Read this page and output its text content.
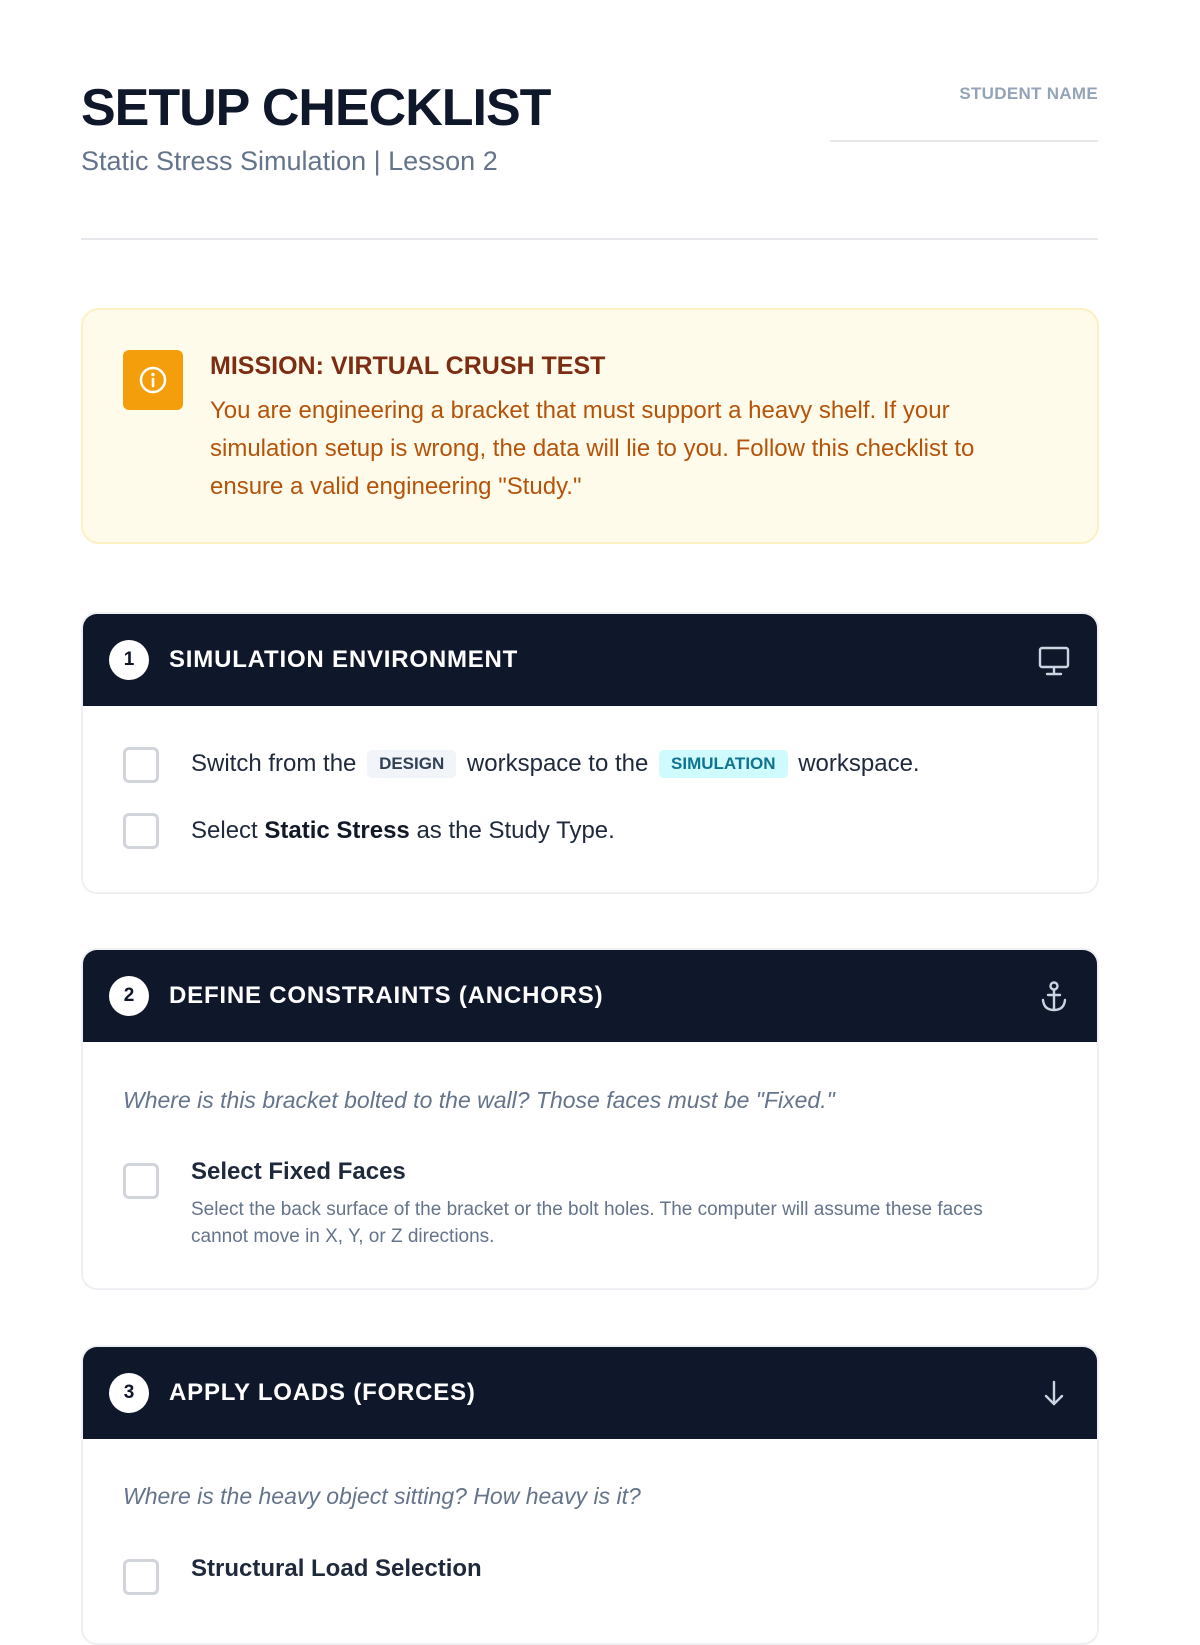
SETUP CHECKLIST
Static Stress Simulation | Lesson 2
STUDENT NAME
MISSION: VIRTUAL CRUSH TEST
You are engineering a bracket that must support a heavy shelf. If your simulation setup is wrong, the data will lie to you. Follow this checklist to ensure a valid engineering "Study."
1	SIMULATION ENVIRONMENT
Switch from the DESIGN workspace to the SIMULATION workspace.
Select Static Stress as the Study Type.
2	DEFINE CONSTRAINTS (ANCHORS)
Where is this bracket bolted to the wall? Those faces must be "Fixed."
Select Fixed Faces
Select the back surface of the bracket or the bolt holes. The computer will assume these faces cannot move in X, Y, or Z directions.
3	APPLY LOADS (FORCES)
Where is the heavy object sitting? How heavy is it?
Structural Load Selection
